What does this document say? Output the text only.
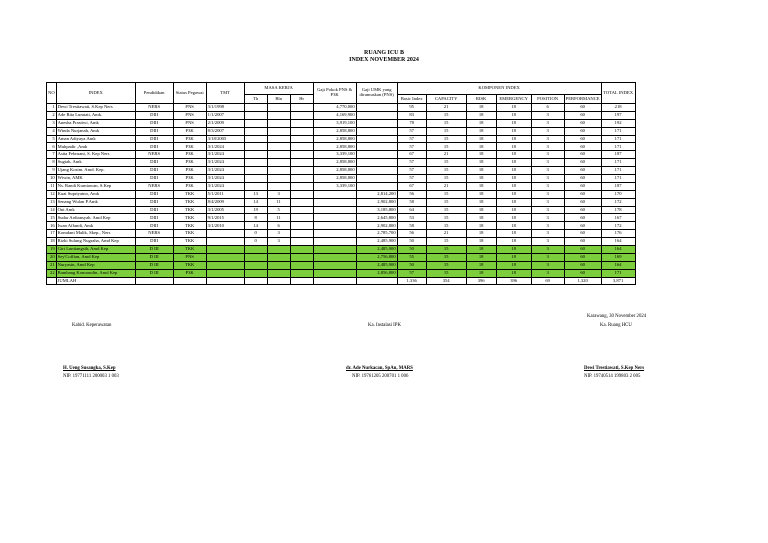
RUANG ICU B
INDEX NOVEMBER 2024
NO	INDEX	Pendidikan	Status Pegawai	TMT	MASA KERJA			Gaji Pokok PNS & P3K	Gaji UMK yang dirumuskan (PNS)	KOMPONEN INDEX						TOTAL INDEX
					Th	Bln	Hr			Basic Index	CAPACITY	RISK	EMERGENCY	POSITION	PERFORMANCE	
1	Dewi Trestiawati, S.Kep Ners	NERS	PNS	3/1/1998				4,770,000		95	21	18	18	6	60	218
2	Ade Rita Lumiati, Amk.	DIII	PNS	1/1/2007				4,169,900		83	15	18	18	3	60	197
3	Anesha Prastiwi, Amk	DIII	PNS	2/1/2009				3,919,100		78	15	18	18	3	60	192
4	Winda Nurjanah, Amk	DIII	P3K	8/3/2007				2,858,800		57	15	18	18	3	60	171
5	Aman Adiyaya.Amk	DIII	P3K	3/18/2005				2,858,800		57	15	18	18	3	60	171
6	Muhpadir ,Amk	DIII	P3K	3/1/2024				2,858,800		57	15	18	18	3	60	171
7	Asita Februani, S. Kep Ners	NERS	P3K	3/1/2024				3,339,100		67	21	18	18	3	60	187
8	Sugiah, Amk	DIII	P3K	3/1/2024				2,858,800		57	15	18	18	3	60	171
9	Ujang Kosim. Amd. Kep.	DIII	P3K	3/1/2024				2,858,800		57	15	18	18	3	60	171
10	Wiwin, AMK	DIII	P3K	3/1/2024				2,858,800		57	15	18	18	3	60	171
11	Ns. Randi Kurniawan, S.Kep	NERS	P3K	3/1/2024				3,339,100		67	21	18	18	3	60	187
12	Kuat Supriyatno, Amk	DIII	TKK	5/1/2011	13	3			2,814,200	56	15	18	18	3	60	170
13	Senang Wulan P.Amk	DIII	TKK	8/4/2009	14	11			2,902,800	58	15	18	18	3	60	172
14	Oni Amk	DIII	TKK	3/1/2005	19	5			3,185,800	64	15	18	18	3	60	178
15	Sudar Ardiansyah. Amd Kep	DIII	TKK	9/1/2015	8	11			2,645,800	53	15	18	18	3	60	167
16	Iwan Affandi, Amk	DIII	TKK	3/1/2010	14	6			2,902,800	58	15	18	18	3	60	172
17	Komdani Malik, Skep., Ners	NERS	TKK		0	3			2,785,700	56	21	18	18	3	60	176
18	Rizki Sulung Nugraha, Amd Kep	DIII	TKK		0	3			2,485,900	50	15	18	18	3	60	164
19	Giri Luntiangsih, Amd Kep	D III	TKK						2,485,900	50	15	18	18	3	60	164
20	Sey'Coffian, Amd Kep	D III	PNS						2,756,800	55	15	18	18	3	60	169
21	Nuryasin, Amd Kep	D III	TKK						2,485,900	50	15	18	18	3	60	164
22	Bambang Komarudin, Amd Kep	D III	P3K						2,856,800	57	15	18	18	3	60	171
	JUMLAH									1,336	354	396	396	69	1,320	3,871
Karawang, 30 November 2024
Kabid. Keperawatan	Ka. Instalasi IPK	Ka. Ruang HCU
H. Ueng Susangka, S.Kep
NIP. 19771111 200003 1 003
dr. Ade Nurkacan, SpAn, MARS
NIP. 19761205 200701 1 006
Dewi Trestiawati, S.Kep Ners
NIP. 19740514 199803 2 005
